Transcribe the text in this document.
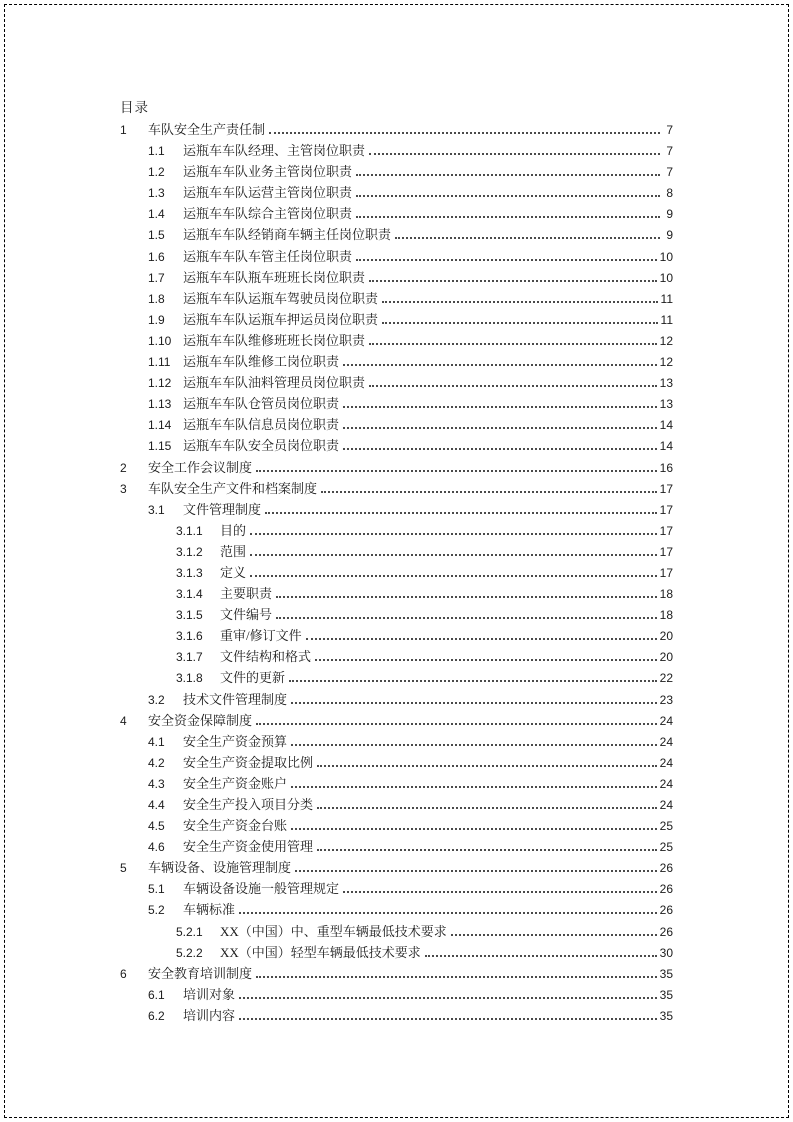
目录
1	车队安全生产责任制	7
1.1	运瓶车车队经理、主管岗位职责	7
1.2	运瓶车车队业务主管岗位职责	7
1.3	运瓶车车队运营主管岗位职责	8
1.4	运瓶车车队综合主管岗位职责	9
1.5	运瓶车车队经销商车辆主任岗位职责	9
1.6	运瓶车车队车管主任岗位职责	10
1.7	运瓶车车队瓶车班班长岗位职责	10
1.8	运瓶车车队运瓶车驾驶员岗位职责	11
1.9	运瓶车车队运瓶车押运员岗位职责	11
1.10 运瓶车车队维修班班长岗位职责	12
1.11 运瓶车车队维修工岗位职责	12
1.12 运瓶车车队油料管理员岗位职责	13
1.13 运瓶车车队仓管员岗位职责	13
1.14 运瓶车车队信息员岗位职责	14
1.15 运瓶车车队安全员岗位职责	14
2	安全工作会议制度	16
3	车队安全生产文件和档案制度	17
3.1	文件管理制度	17
3.1.1	目的	17
3.1.2	范围	17
3.1.3	定义	17
3.1.4	主要职责	18
3.1.5	文件编号	18
3.1.6	重审/修订文件	20
3.1.7	文件结构和格式	20
3.1.8	文件的更新	22
3.2	技术文件管理制度	23
4	安全资金保障制度	24
4.1	安全生产资金预算	24
4.2	安全生产资金提取比例	24
4.3	安全生产资金账户	24
4.4	安全生产投入项目分类	24
4.5	安全生产资金台账	25
4.6	安全生产资金使用管理	25
5	车辆设备、设施管理制度	26
5.1	车辆设备设施一般管理规定	26
5.2	车辆标准	26
5.2.1	XX（中国）中、重型车辆最低技术要求	26
5.2.2	XX（中国）轻型车辆最低技术要求	30
6	安全教育培训制度	35
6.1	培训对象	35
6.2	培训内容	35
